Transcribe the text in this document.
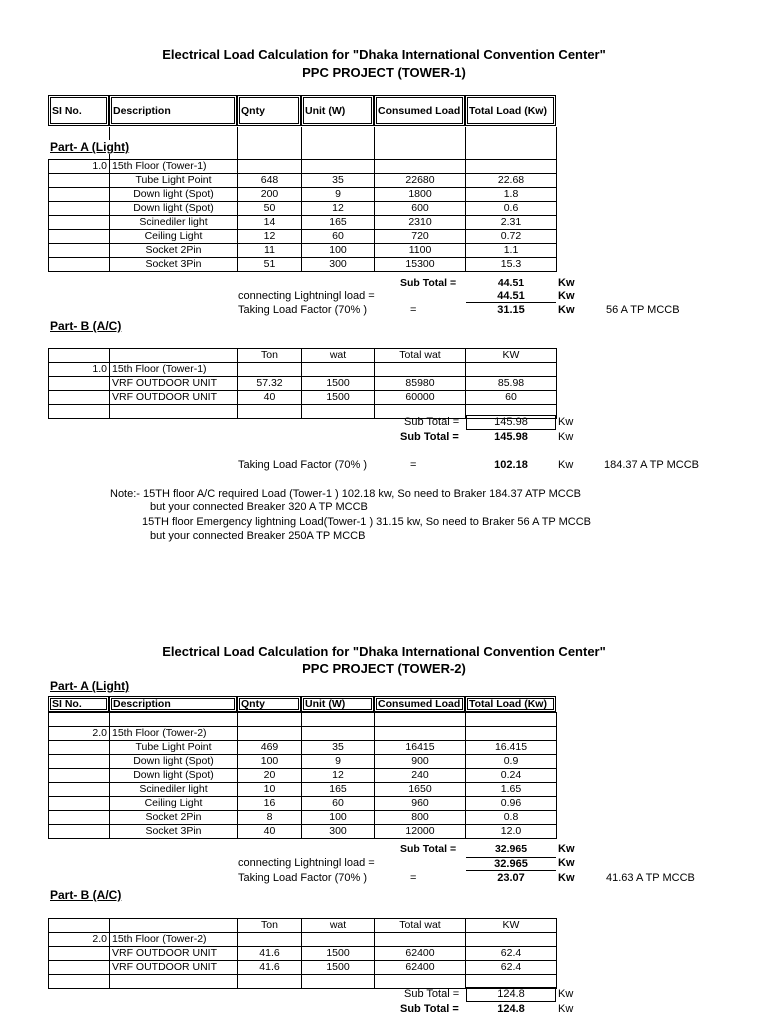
Electrical Load Calculation for "Dhaka International Convention Center"
PPC PROJECT (TOWER-1)
SI No.	Description	Qnty	Unit (W)	Consumed Load	Total Load (Kw)

Part- A (Light)
1.0	15th Floor (Tower-1)				
	Tube Light Point	648	35	22680	22.68
	Down light (Spot)	200	9	1800	1.8
	Down light (Spot)	50	12	600	0.6
	Scinediler light	14	165	2310	2.31
	Ceiling Light	12	60	720	0.72
	Socket 2Pin	11	100	1100	1.1
	Socket 3Pin	51	300	15300	15.3
Sub Total =	44.51	Kw
connecting Lightningl load =	44.51	Kw
Taking Load Factor (70% )	=	31.15	Kw	56 A TP MCCB
Part- B (A/C)
		Ton	wat	Total wat	KW
1.0	15th Floor (Tower-1)				
	VRF OUTDOOR UNIT	57.32	1500	85980	85.98
	VRF OUTDOOR UNIT	40	1500	60000	60

Sub Total =	145.98	Kw
Sub Total =	145.98	Kw
Taking Load Factor (70% )	=	102.18	Kw	184.37 A TP MCCB
Note:- 15TH floor A/C required Load (Tower-1 ) 102.18 kw, So need to Braker 184.37 ATP MCCB
but your connected Breaker 320 A TP MCCB
15TH floor Emergency lightning Load(Tower-1 ) 31.15 kw, So need to Braker 56 A TP MCCB
but your connected Breaker 250A TP MCCB
Electrical Load Calculation for "Dhaka International Convention Center"
PPC PROJECT (TOWER-2)
Part- A (Light)
SI No.	Description	Qnty	Unit (W)	Consumed Load	Total Load (Kw)

2.0	15th Floor (Tower-2)				
	Tube Light Point	469	35	16415	16.415
	Down light (Spot)	100	9	900	0.9
	Down light (Spot)	20	12	240	0.24
	Scinediler light	10	165	1650	1.65
	Ceiling Light	16	60	960	0.96
	Socket 2Pin	8	100	800	0.8
	Socket 3Pin	40	300	12000	12.0
Sub Total =	32.965	Kw
connecting Lightningl load =	32.965	Kw
Taking Load Factor (70% )	=	23.07	Kw	41.63 A TP MCCB
Part- B (A/C)
		Ton	wat	Total wat	KW
2.0	15th Floor (Tower-2)				
	VRF OUTDOOR UNIT	41.6	1500	62400	62.4
	VRF OUTDOOR UNIT	41.6	1500	62400	62.4

Sub Total =	124.8	Kw
Sub Total =	124.8	Kw
